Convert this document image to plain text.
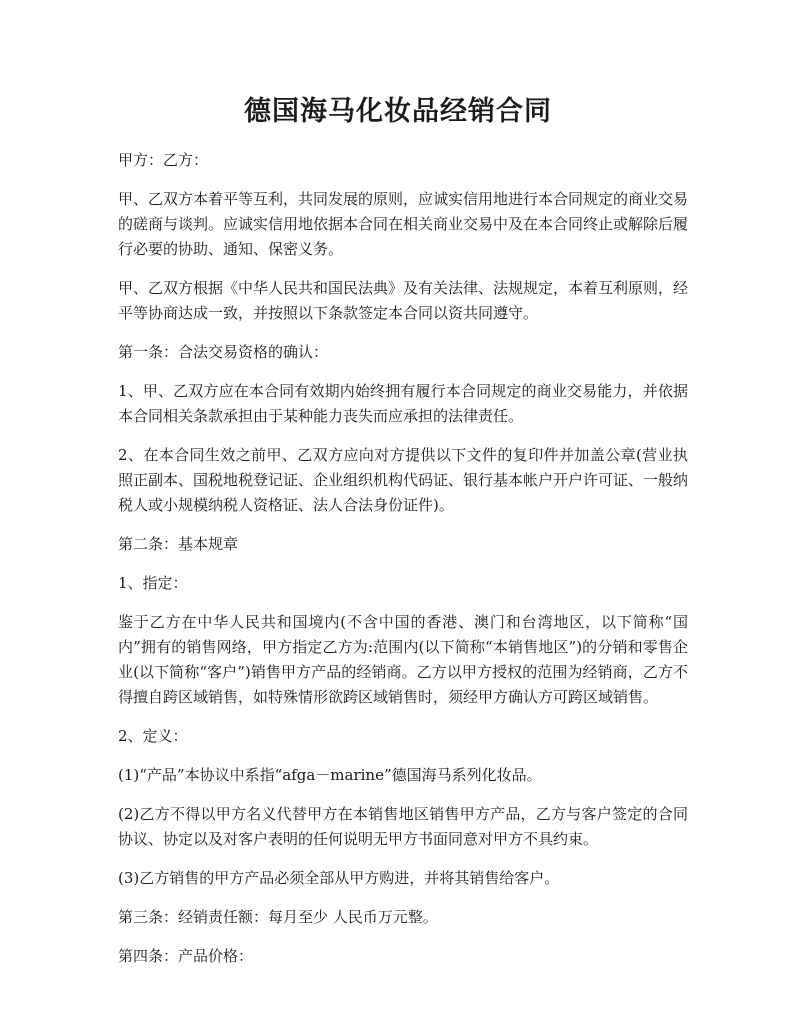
德国海马化妆品经销合同

甲方：乙方：

甲、乙双方本着平等互利，共同发展的原则，应诚实信用地进行本合同规定的商业交易的磋商与谈判。应诚实信用地依据本合同在相关商业交易中及在本合同终止或解除后履行必要的协助、通知、保密义务。

甲、乙双方根据《中华人民共和国民法典》及有关法律、法规规定，本着互利原则，经平等协商达成一致，并按照以下条款签定本合同以资共同遵守。

第一条：合法交易资格的确认：

1、甲、乙双方应在本合同有效期内始终拥有履行本合同规定的商业交易能力，并依据本合同相关条款承担由于某种能力丧失而应承担的法律责任。

2、在本合同生效之前甲、乙双方应向对方提供以下文件的复印件并加盖公章(营业执照正副本、国税地税登记证、企业组织机构代码证、银行基本帐户开户许可证、一般纳税人或小规模纳税人资格证、法人合法身份证件)。

第二条：基本规章

1、指定：

鉴于乙方在中华人民共和国境内(不含中国的香港、澳门和台湾地区，以下简称“国内”拥有的销售网络，甲方指定乙方为:范围内(以下简称“本销售地区”)的分销和零售企业(以下简称“客户”)销售甲方产品的经销商。乙方以甲方授权的范围为经销商，乙方不得擅自跨区域销售，如特殊情形欲跨区域销售时，须经甲方确认方可跨区域销售。

2、定义：

(1)“产品”本协议中系指“afga－marine”德国海马系列化妆品。

(2)乙方不得以甲方名义代替甲方在本销售地区销售甲方产品，乙方与客户签定的合同协议、协定以及对客户表明的任何说明无甲方书面同意对甲方不具约束。

(3)乙方销售的甲方产品必须全部从甲方购进，并将其销售给客户。

第三条：经销责任额：每月至少 人民币万元整。

第四条：产品价格：
